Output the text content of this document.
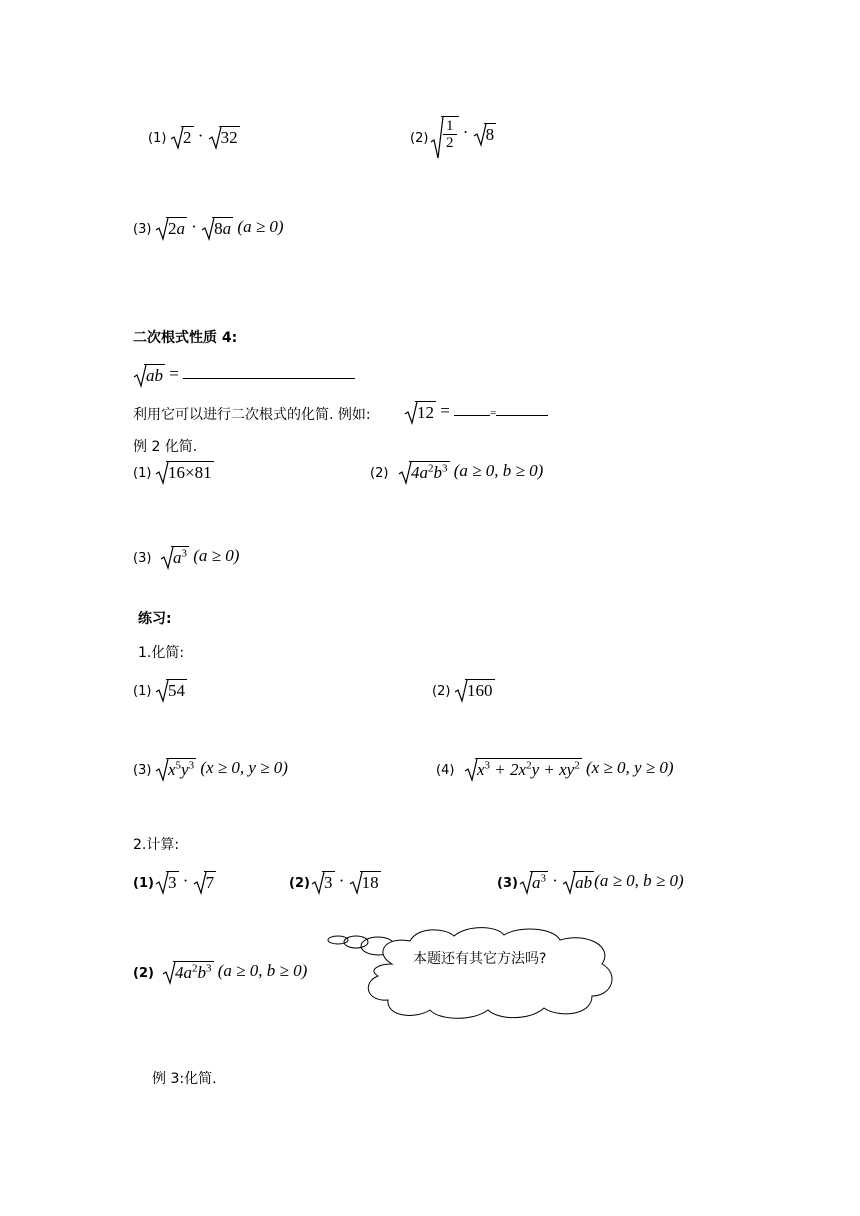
(1) 2 · 32	$(2) \frac{1}{2} \cdot 8$
(3) 2a · 8a (a ≥ 0)
二次根式性质 4:
ab =
利用它可以进行二次根式的化简. 例如:	12 =	=
例 2 化简.
(1) 16×81	(2)	$4a^2b^3$ (a ≥ 0, b ≥ 0)
(3)	$a^3$ (a ≥ 0)
练习:
1.化简:
(1) 54	(2) 160
(3) $x^5y^3$ (x ≥ 0, y ≥ 0)	(4)	$x^3 + 2x^2y + xy^2$ (x ≥ 0, y ≥ 0)
2.计算:
(1) 3 · 7	(2) 3 · 18	(3) $a^3$ · ab (a ≥ 0, b ≥ 0)
(2)	$4a^2b^3$ (a ≥ 0, b ≥ 0)
本题还有其它方法吗?
例 3:化简.
